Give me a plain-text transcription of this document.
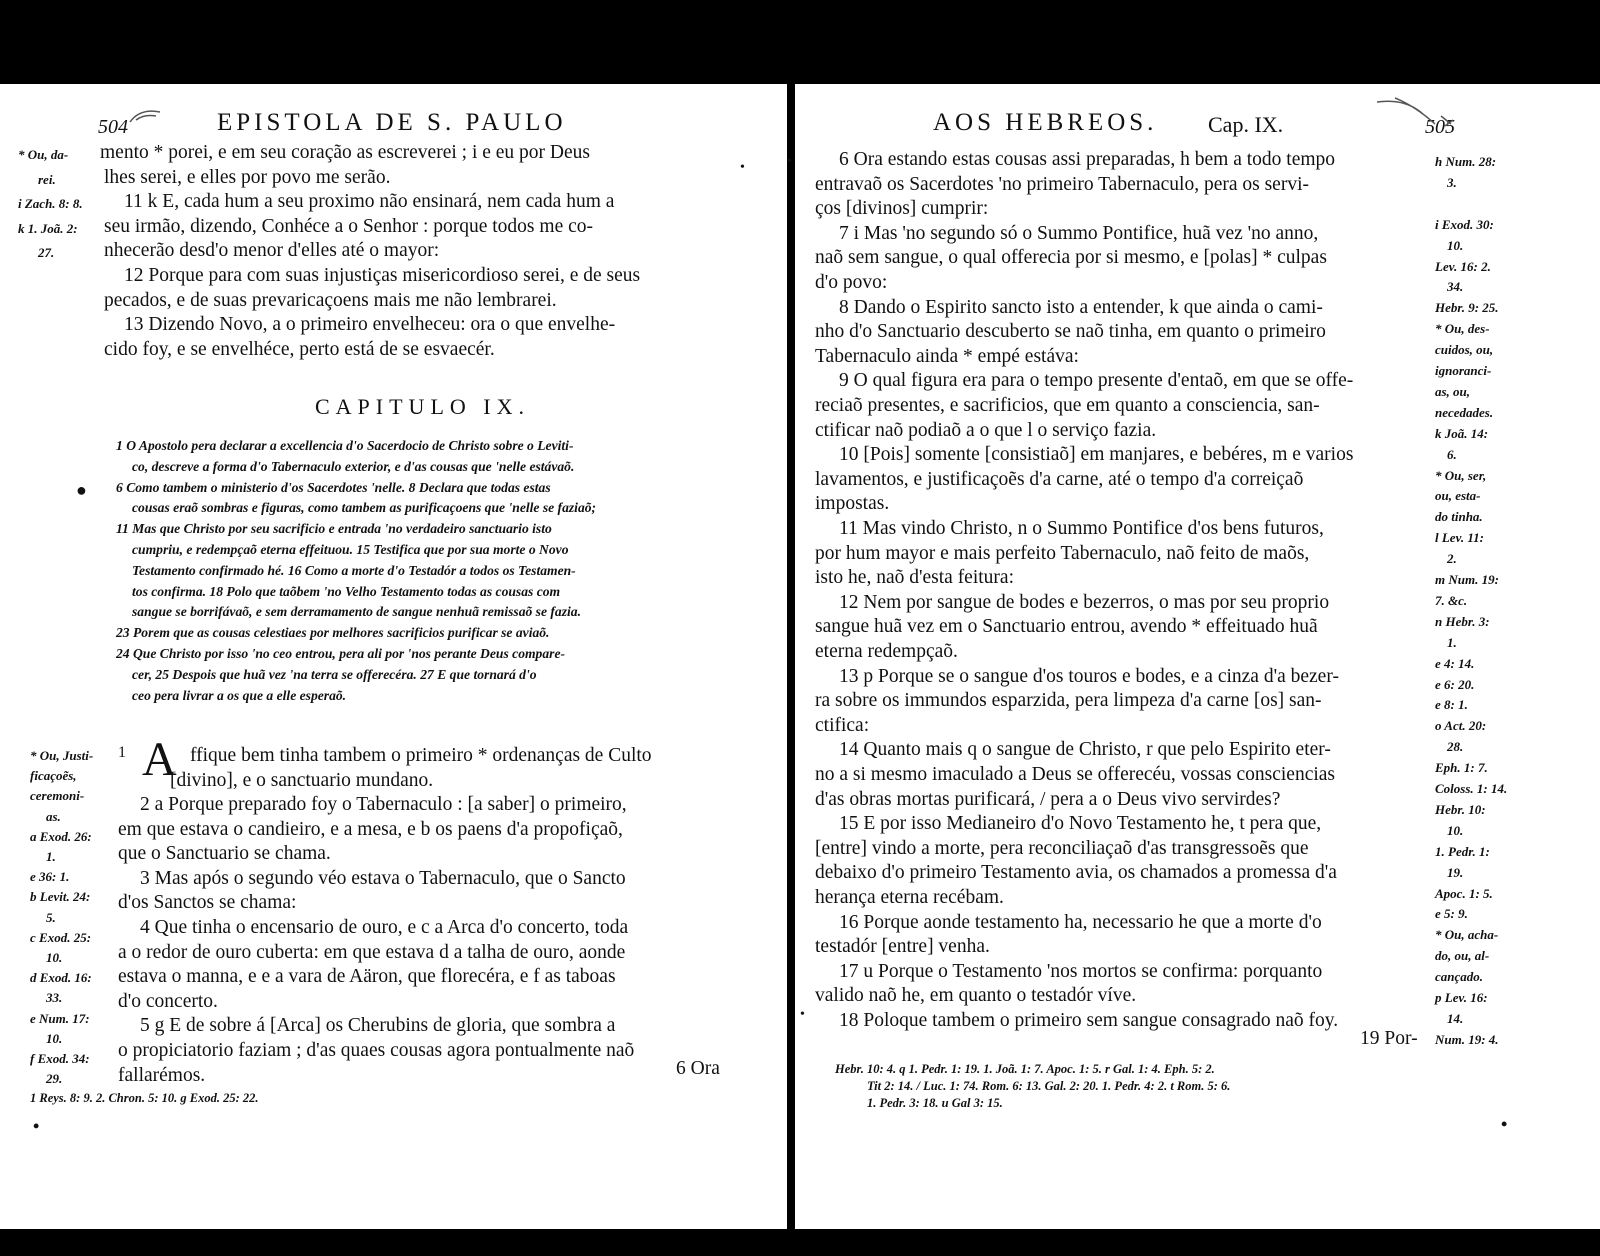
504	EPISTOLA DE S. PAULO
mento * porei, e em seu coração as escreverei ; i e eu por Deus
lhes serei, e elles por povo me serão.
11 k E, cada hum a seu proximo não ensinará, nem cada hum a
seu irmão, dizendo, Conhéce a o Senhor : porque todos me co-
nhecerão desd'o menor d'elles até o mayor:
12 Porque para com suas injustiças misericordioso serei, e de seus
pecados, e de suas prevaricaçoens mais me não lembrarei.
13 Dizendo Novo, a o primeiro envelheceu: ora o que envelhe-
cido foy, e se envelhéce, perto está de se esvaecér.
* Ou, da-
rei.
i Zach. 8: 8.
k 1. Joã. 2:
27.
CAPITULO IX.
1 O Apostolo pera declarar a excellencia d'o Sacerdocio de Christo sobre o Leviti-
co, descreve a forma d'o Tabernaculo exterior, e d'as cousas que 'nelle estávaõ.
6 Como tambem o ministerio d'os Sacerdotes 'nelle. 8 Declara que todas estas
cousas eraõ sombras e figuras, como tambem as purificaçoens que 'nelle se faziaõ;
11 Mas que Christo por seu sacrificio e entrada 'no verdadeiro sanctuario isto
cumpriu, e redempçaõ eterna effeituou. 15 Testifica que por sua morte o Novo
Testamento confirmado hé. 16 Como a morte d'o Testadór a todos os Testamen-
tos confirma. 18 Polo que taõbem 'no Velho Testamento todas as cousas com
sangue se borrifávaõ, e sem derramamento de sangue nenhuã remissaõ se fazia.
23 Porem que as cousas celestiaes por melhores sacrificios purificar se aviaõ.
24 Que Christo por isso 'no ceo entrou, pera ali por 'nos perante Deus compare-
cer, 25 Despois que huã vez 'na terra se offerecéra. 27 E que tornará d'o
ceo pera livrar a os que a elle esperaõ.
●
1 A ffique bem tinha tambem o primeiro * ordenanças de Culto
[divino], e o sanctuario mundano.
2 a Porque preparado foy o Tabernaculo : [a saber] o primeiro,
em que estava o candieiro, e a mesa, e b os paens d'a propofiçaõ,
que o Sanctuario se chama.
3 Mas após o segundo véo estava o Tabernaculo, que o Sancto
d'os Sanctos se chama:
4 Que tinha o encensario de ouro, e c a Arca d'o concerto, toda
a o redor de ouro cuberta: em que estava d a talha de ouro, aonde
estava o manna, e e a vara de Aäron, que florecéra, e f as taboas
d'o concerto.
5 g E de sobre á [Arca] os Cherubins de gloria, que sombra a
o propiciatorio faziam ; d'as quaes cousas agora pontualmente naõ
fallarémos.
* Ou, Justi-
ficaçoẽs,
ceremoni-
as.
a Exod. 26:
1.
e 36: 1.
b Levit. 24:
5.
c Exod. 25:
10.
d Exod. 16:
33.
e Num. 17:
10.
f Exod. 34:
29.	6 Ora
1 Reys. 8: 9. 2. Chron. 5: 10. g Exod. 25: 22.
•
•
AOS HEBREOS. Cap. IX.	505
• 6 Ora estando estas cousas assi preparadas, h bem a todo tempo
entravaõ os Sacerdotes 'no primeiro Tabernaculo, pera os servi-
ços [divinos] cumprir:
7 i Mas 'no segundo só o Summo Pontifice, huã vez 'no anno,
naõ sem sangue, o qual offerecia por si mesmo, e [polas] * culpas
d'o povo:
8 Dando o Espirito sancto isto a entender, k que ainda o cami-
nho d'o Sanctuario descuberto se naõ tinha, em quanto o primeiro
Tabernaculo ainda * empé estáva:
9 O qual figura era para o tempo presente d'entaõ, em que se offe-
reciaõ presentes, e sacrificios, que em quanto a consciencia, san-
ctificar naõ podiaõ a o que l o serviço fazia.
10 [Pois] somente [consistiaõ] em manjares, e bebéres, m e varios
lavamentos, e justificaçoẽs d'a carne, até o tempo d'a correiçaõ
impostas.
11 Mas vindo Christo, n o Summo Pontifice d'os bens futuros,
por hum mayor e mais perfeito Tabernaculo, naõ feito de maõs,
isto he, naõ d'esta feitura:
12 Nem por sangue de bodes e bezerros, o mas por seu proprio
sangue huã vez em o Sanctuario entrou, avendo * effeituado huã
eterna redempçaõ.
13 p Porque se o sangue d'os touros e bodes, e a cinza d'a bezer-
ra sobre os immundos esparzida, pera limpeza d'a carne [os] san-
ctifica:
14 Quanto mais q o sangue de Christo, r que pelo Espirito eter-
no a si mesmo imaculado a Deus se offerecéu, vossas consciencias
d'as obras mortas purificará, / pera a o Deus vivo servirdes?
15 E por isso Medianeiro d'o Novo Testamento he, t pera que,
[entre] vindo a morte, pera reconciliaçaõ d'as transgressoẽs que
debaixo d'o primeiro Testamento avia, os chamados a promessa d'a
herança eterna recébam.
16 Porque aonde testamento ha, necessario he que a morte d'o
testadór [entre] venha.
17 u Porque o Testamento 'nos mortos se confirma: porquanto
valido naõ he, em quanto o testadór víve.
18 Poloque tambem o primeiro sem sangue consagrado naõ foy.
h Num. 28:
3.
i Exod. 30:
10.
Lev. 16: 2.
34.
Hebr. 9: 25.
* Ou, des-
cuidos, ou,
ignoranci-
as, ou,
necedades.
k Joã. 14:
6.
* Ou, ser,
ou, esta-
do tinha.
l Lev. 11:
2.
m Num. 19:
7. &c.
n Hebr. 3:
1.
e 4: 14.
e 6: 20.
e 8: 1.
o Act. 20:
28.
Eph. 1: 7.
Coloss. 1: 14.
Hebr. 10:
10.
1. Pedr. 1:
19.
Apoc. 1: 5.
e 5: 9.
* Ou, acha-
do, ou, al-
cançado.
p Lev. 16:
14.
Num. 19: 4.
19 Por-
Hebr. 10: 4. q 1. Pedr. 1: 19. 1. Joã. 1: 7. Apoc. 1: 5. r Gal. 1: 4. Eph. 5: 2.
Tit 2: 14. / Luc. 1: 74. Rom. 6: 13. Gal. 2: 20. 1. Pedr. 4: 2. t Rom. 5: 6.
1. Pedr. 3: 18. u Gal 3: 15.
•
•
